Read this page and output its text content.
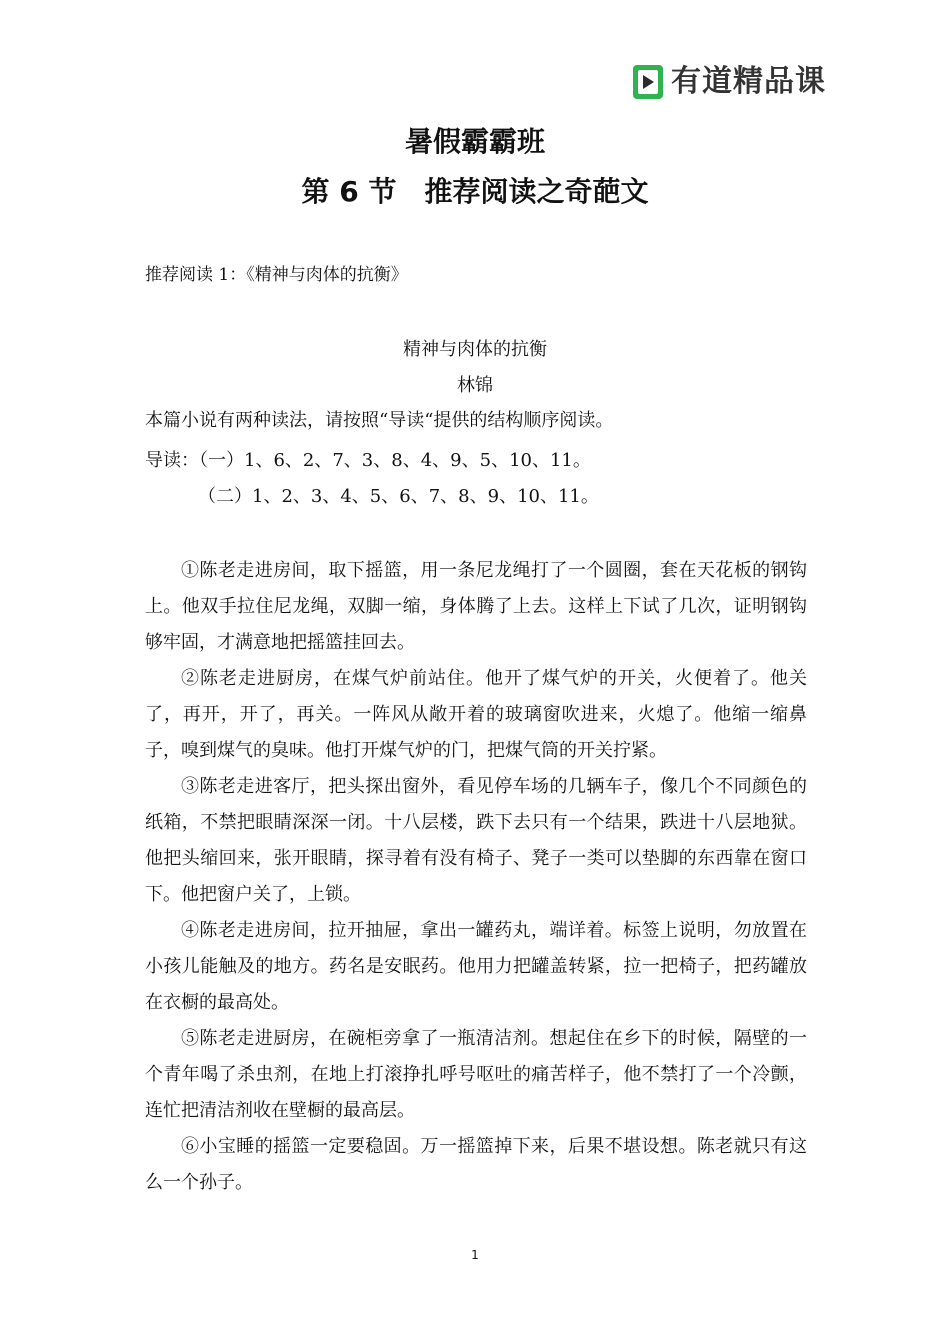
有道精品课
暑假霸霸班
第 6 节　推荐阅读之奇葩文
推荐阅读 1：《精神与肉体的抗衡》
精神与肉体的抗衡
林锦
本篇小说有两种读法，请按照“导读“提供的结构顺序阅读。
导读：（一）1、6、2、7、3、8、4、9、5、10、11。
（二）1、2、3、4、5、6、7、8、9、10、11。

①陈老走进房间，取下摇篮，用一条尼龙绳打了一个圆圈，套在天花板的钢钩上。他双手拉住尼龙绳，双脚一缩，身体腾了上去。这样上下试了几次，证明钢钩够牢固，才满意地把摇篮挂回去。

②陈老走进厨房，在煤气炉前站住。他开了煤气炉的开关，火便着了。他关了，再开，开了，再关。一阵风从敞开着的玻璃窗吹进来，火熄了。他缩一缩鼻子，嗅到煤气的臭味。他打开煤气炉的门，把煤气筒的开关拧紧。

③陈老走进客厅，把头探出窗外，看见停车场的几辆车子，像几个不同颜色的纸箱，不禁把眼睛深深一闭。十八层楼，跌下去只有一个结果，跌进十八层地狱。他把头缩回来，张开眼睛，探寻着有没有椅子、凳子一类可以垫脚的东西靠在窗口下。他把窗户关了，上锁。

④陈老走进房间，拉开抽屉，拿出一罐药丸，端详着。标签上说明，勿放置在小孩儿能触及的地方。药名是安眠药。他用力把罐盖转紧，拉一把椅子，把药罐放在衣橱的最高处。

⑤陈老走进厨房，在碗柜旁拿了一瓶清洁剂。想起住在乡下的时候，隔壁的一个青年喝了杀虫剂，在地上打滚挣扎呼号呕吐的痛苦样子，他不禁打了一个冷颤，连忙把清洁剂收在壁橱的最高层。

⑥小宝睡的摇篮一定要稳固。万一摇篮掉下来，后果不堪设想。陈老就只有这么一个孙子。

1
